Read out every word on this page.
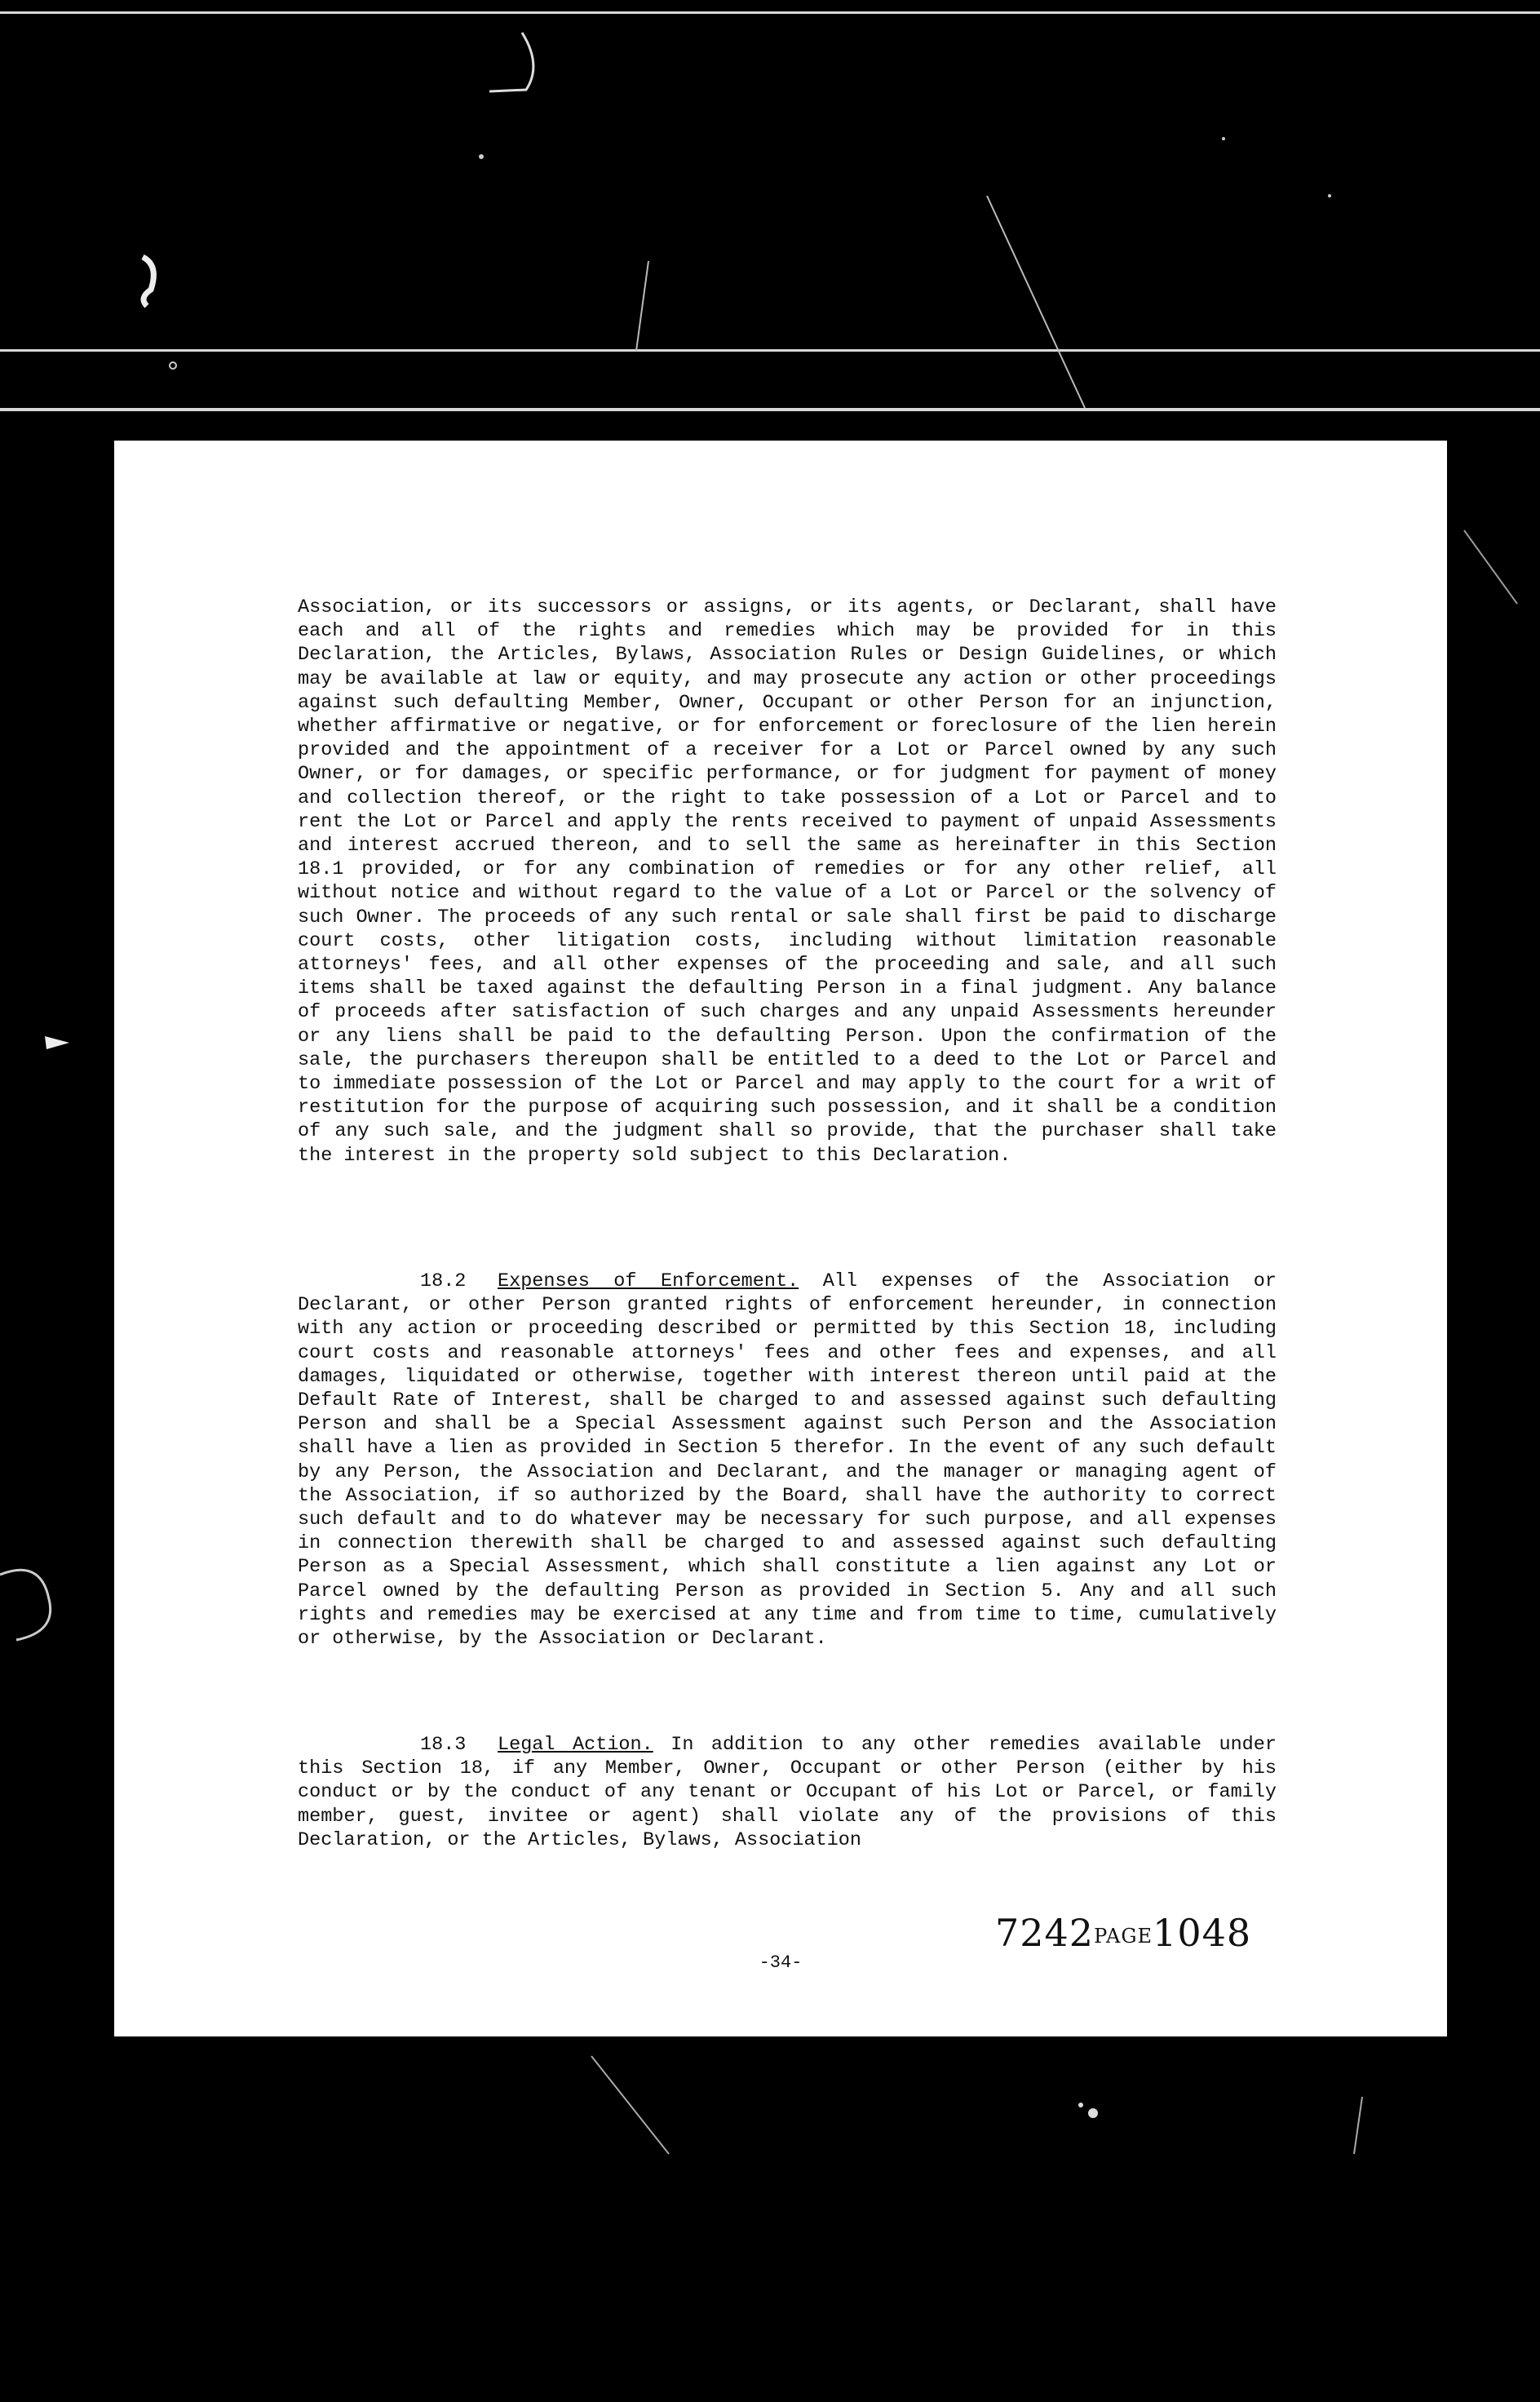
Association, or its successors or assigns, or its agents, or Declarant, shall have each and all of the rights and remedies which may be provided for in this Declaration, the Articles, Bylaws, Association Rules or Design Guidelines, or which may be available at law or equity, and may prosecute any action or other proceedings against such defaulting Member, Owner, Occupant or other Person for an injunction, whether affirmative or negative, or for enforcement or foreclosure of the lien herein provided and the appointment of a receiver for a Lot or Parcel owned by any such Owner, or for damages, or specific performance, or for judgment for payment of money and collection thereof, or the right to take possession of a Lot or Parcel and to rent the Lot or Parcel and apply the rents received to payment of unpaid Assessments and interest accrued thereon, and to sell the same as hereinafter in this Section 18.1 provided, or for any combination of remedies or for any other relief, all without notice and without regard to the value of a Lot or Parcel or the solvency of such Owner. The proceeds of any such rental or sale shall first be paid to discharge court costs, other litigation costs, including without limitation reasonable attorneys' fees, and all other expenses of the proceeding and sale, and all such items shall be taxed against the defaulting Person in a final judgment. Any balance of proceeds after satisfaction of such charges and any unpaid Assessments hereunder or any liens shall be paid to the defaulting Person. Upon the confirmation of the sale, the purchasers thereupon shall be entitled to a deed to the Lot or Parcel and to immediate possession of the Lot or Parcel and may apply to the court for a writ of restitution for the purpose of acquiring such possession, and it shall be a condition of any such sale, and the judgment shall so provide, that the purchaser shall take the interest in the property sold subject to this Declaration.

18.2 Expenses of Enforcement. All expenses of the Association or Declarant, or other Person granted rights of enforcement hereunder, in connection with any action or proceeding described or permitted by this Section 18, including court costs and reasonable attorneys' fees and other fees and expenses, and all damages, liquidated or otherwise, together with interest thereon until paid at the Default Rate of Interest, shall be charged to and assessed against such defaulting Person and shall be a Special Assessment against such Person and the Association shall have a lien as provided in Section 5 therefor. In the event of any such default by any Person, the Association and Declarant, and the manager or managing agent of the Association, if so authorized by the Board, shall have the authority to correct such default and to do whatever may be necessary for such purpose, and all expenses in connection therewith shall be charged to and assessed against such defaulting Person as a Special Assessment, which shall constitute a lien against any Lot or Parcel owned by the defaulting Person as provided in Section 5. Any and all such rights and remedies may be exercised at any time and from time to time, cumulatively or otherwise, by the Association or Declarant.

18.3 Legal Action. In addition to any other remedies available under this Section 18, if any Member, Owner, Occupant or other Person (either by his conduct or by the conduct of any tenant or Occupant of his Lot or Parcel, or family member, guest, invitee or agent) shall violate any of the provisions of this Declaration, or the Articles, Bylaws, Association

7242PAGE1048
-34-
